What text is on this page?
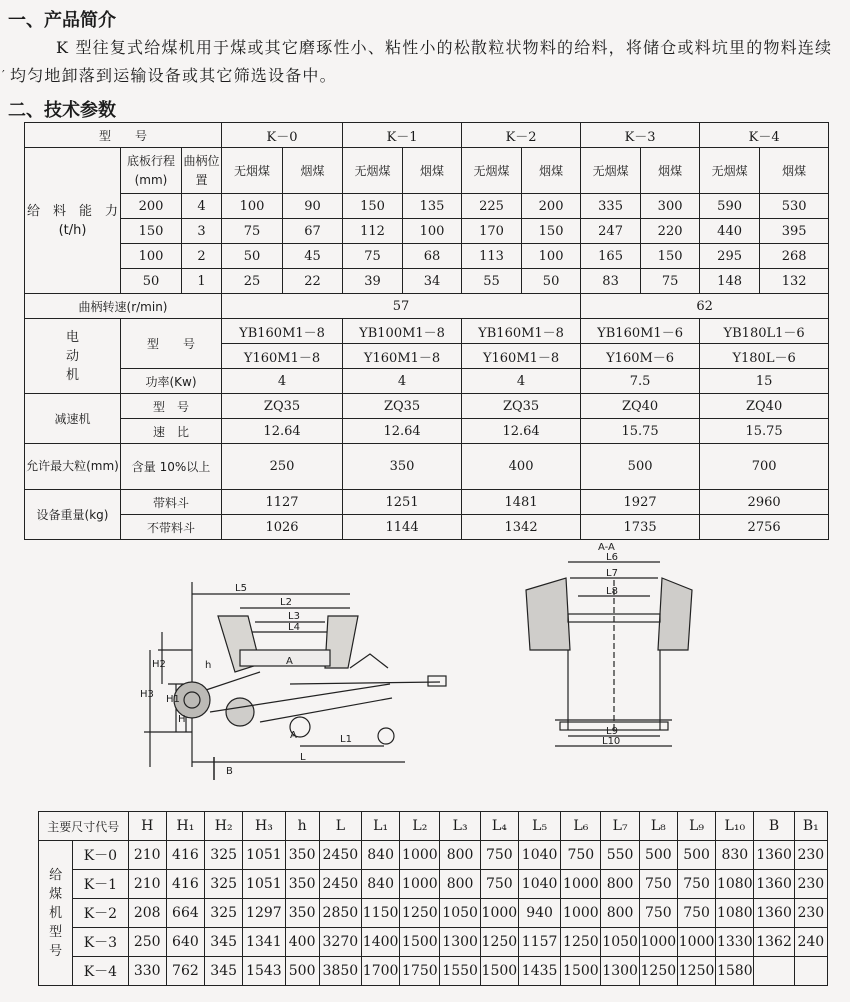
一、产品简介
′
K 型往复式给煤机用于煤或其它磨琢性小、粘性小的松散粒状物料的给料，将储仓或料坑里的物料连续均匀地卸落到运输设备或其它筛选设备中。
二、技术参数
型　　号			K－0		K－1		K－2		K－3		K－4	
给　料　能　力　(t/h)	底板行程(mm)	曲柄位置	无烟煤	烟煤	无烟煤	烟煤	无烟煤	烟煤	无烟煤	烟煤	无烟煤	烟煤
	200	4	100	90	150	135	225	200	335	300	590	530
	150	3	75	67	112	100	170	150	247	220	440	395
	100	2	50	45	75	68	113	100	165	150	295	268
	50	1	25	22	39	34	55	50	83	75	148	132
曲柄转速(r/min)			57						62			
电动机	型　　号		YB160M1－8		YB100M1－8		YB160M1－8		YB160M1－6		YB180L1－6	
			Y160M1－8		Y160M1－8		Y160M1－8		Y160M－6		Y180L－6	
	功率(Kw)		4		4		4		7.5		15	
减速机	型　号		ZQ35		ZQ35		ZQ35		ZQ40		ZQ40	
	速　比		12.64		12.64		12.64		15.75		15.75	
允许最大粒(mm)	含量 10%以上		250		350		400		500		700	
设备重量(kg)	带料斗		1127		1251		1481		1927		2960	
	不带料斗		1026		1144		1342		1735		2756	
L5
L2
L3
L4
H2
H3 H1
H
h	A
A	L1
L
B
A-A
L6
L7
L8
L9
L10
主要尺寸代号		H	H₁	H₂	H₃	h	L	L₁	L₂	L₃	L₄	L₅	L₆	L₇	L₈	L₉	L₁₀	B	B₁
给煤机型号	K－0	210	416	325	1051	350	2450	840	1000	800	750	1040	750	550	500	500	830	1360	230
	K－1	210	416	325	1051	350	2450	840	1000	800	750	1040	1000	800	750	750	1080	1360	230
	K－2	208	664	325	1297	350	2850	1150	1250	1050	1000	940	1000	800	750	750	1080	1360	230
	K－3	250	640	345	1341	400	3270	1400	1500	1300	1250	1157	1250	1050	1000	1000	1330	1362	240
	K－4	330	762	345	1543	500	3850	1700	1750	1550	1500	1435	1500	1300	1250	1250	1580		
